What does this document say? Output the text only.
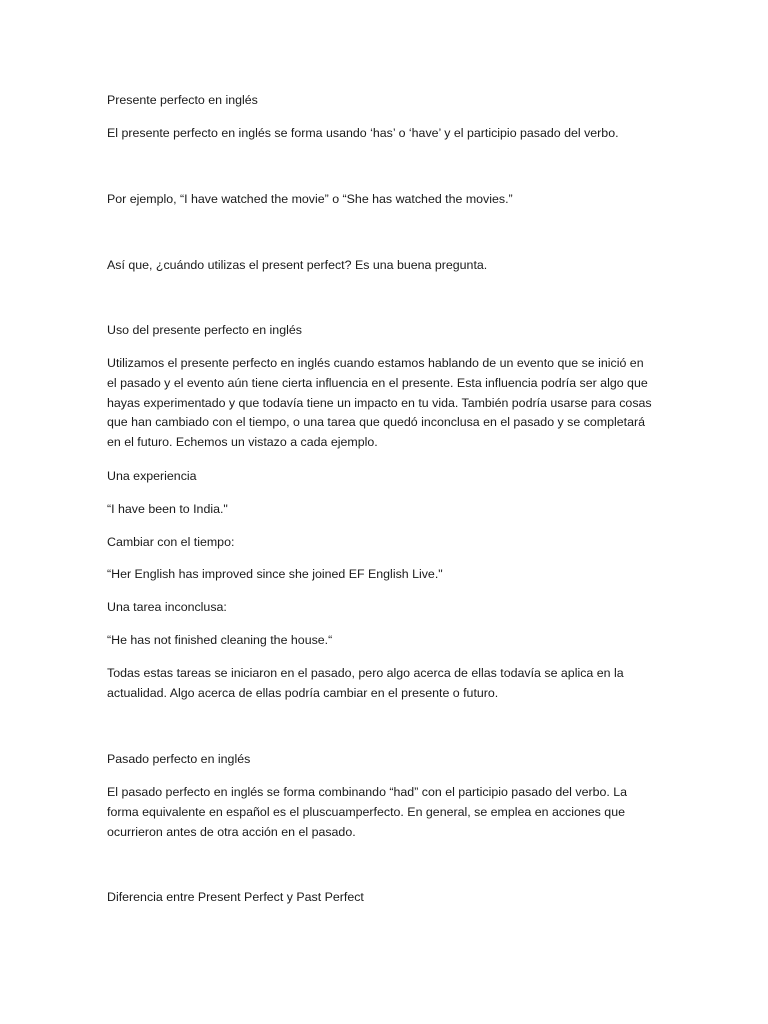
Presente perfecto en inglés

El presente perfecto en inglés se forma usando ‘has’ o ‘have’ y el participio pasado del verbo.

Por ejemplo, “I have watched the movie” o “She has watched the movies.”

Así que, ¿cuándo utilizas el present perfect? Es una buena pregunta.

Uso del presente perfecto en inglés

Utilizamos el presente perfecto en inglés cuando estamos hablando de un evento que se inició en
el pasado y el evento aún tiene cierta influencia en el presente. Esta influencia podría ser algo que
hayas experimentado y que todavía tiene un impacto en tu vida. También podría usarse para cosas
que han cambiado con el tiempo, o una tarea que quedó inconclusa en el pasado y se completará
en el futuro. Echemos un vistazo a cada ejemplo.

Una experiencia

“I have been to India."

Cambiar con el tiempo:

“Her English has improved since she joined EF English Live."

Una tarea inconclusa:

“He has not finished cleaning the house.“

Todas estas tareas se iniciaron en el pasado, pero algo acerca de ellas todavía se aplica en la
actualidad. Algo acerca de ellas podría cambiar en el presente o futuro.

Pasado perfecto en inglés

El pasado perfecto en inglés se forma combinando “had” con el participio pasado del verbo. La
forma equivalente en español es el pluscuamperfecto. En general, se emplea en acciones que
ocurrieron antes de otra acción en el pasado.

Diferencia entre Present Perfect y Past Perfect
